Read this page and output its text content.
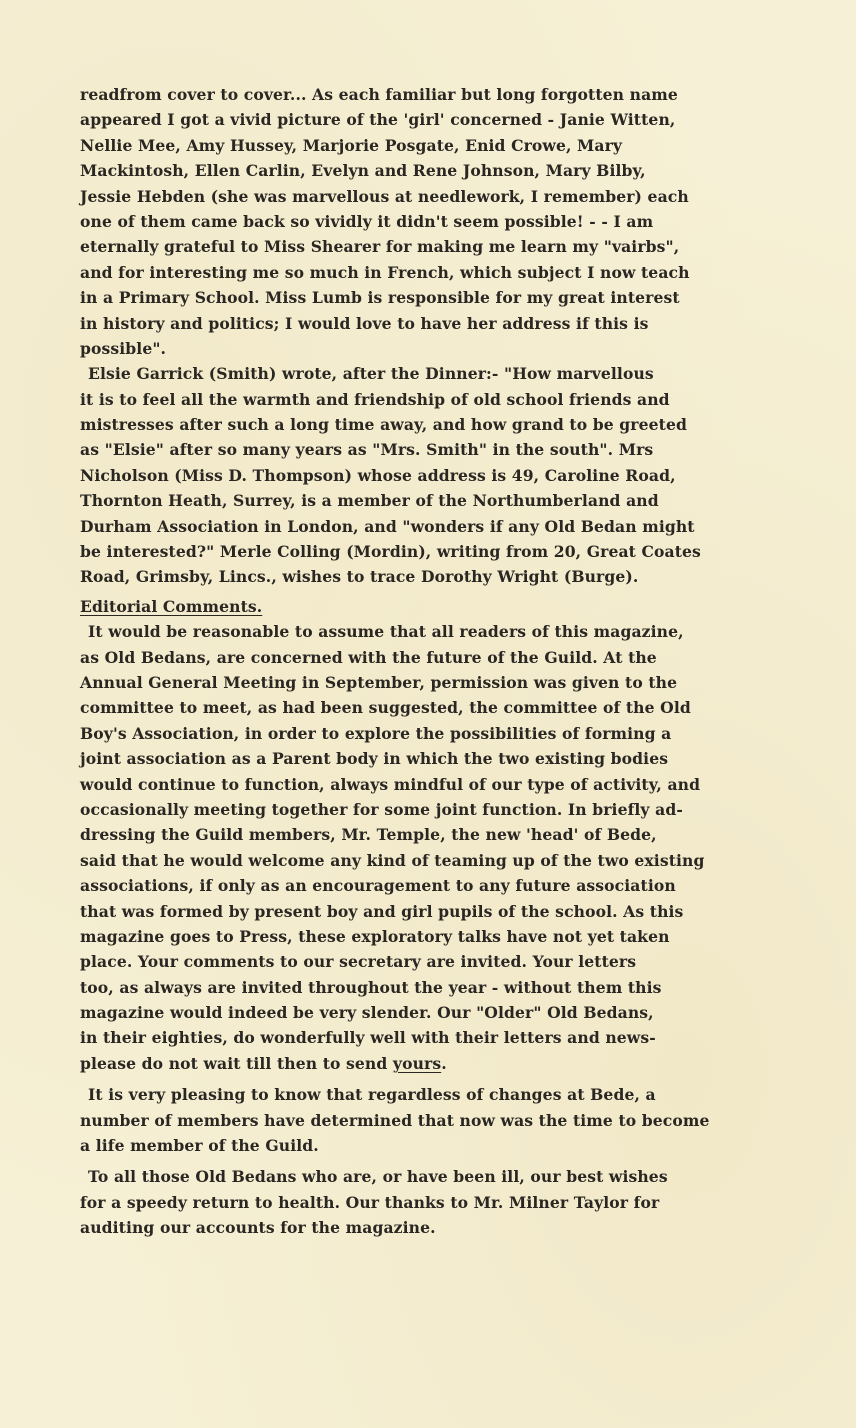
readfrom cover to cover... As each familiar but long forgotten name
appeared I got a vivid picture of the 'girl' concerned - Janie Witten,
Nellie Mee, Amy Hussey, Marjorie Posgate, Enid Crowe, Mary
Mackintosh, Ellen Carlin, Evelyn and Rene Johnson, Mary Bilby,
Jessie Hebden (she was marvellous at needlework, I remember) each
one of them came back so vividly it didn't seem possible! - - I am
eternally grateful to Miss Shearer for making me learn my "vairbs",
and for interesting me so much in French, which subject I now teach
in a Primary School. Miss Lumb is responsible for my great interest
in history and politics; I would love to have her address if this is
possible".
Elsie Garrick (Smith) wrote, after the Dinner:- "How marvellous
it is to feel all the warmth and friendship of old school friends and
mistresses after such a long time away, and how grand to be greeted
as "Elsie" after so many years as "Mrs. Smith" in the south". Mrs
Nicholson (Miss D. Thompson) whose address is 49, Caroline Road,
Thornton Heath, Surrey, is a member of the Northumberland and
Durham Association in London, and "wonders if any Old Bedan might
be interested?" Merle Colling (Mordin), writing from 20, Great Coates
Road, Grimsby, Lincs., wishes to trace Dorothy Wright (Burge).
Editorial Comments.
It would be reasonable to assume that all readers of this magazine,
as Old Bedans, are concerned with the future of the Guild. At the
Annual General Meeting in September, permission was given to the
committee to meet, as had been suggested, the committee of the Old
Boy's Association, in order to explore the possibilities of forming a
joint association as a Parent body in which the two existing bodies
would continue to function, always mindful of our type of activity, and
occasionally meeting together for some joint function. In briefly ad-
dressing the Guild members, Mr. Temple, the new 'head' of Bede,
said that he would welcome any kind of teaming up of the two existing
associations, if only as an encouragement to any future association
that was formed by present boy and girl pupils of the school. As this
magazine goes to Press, these exploratory talks have not yet taken
place. Your comments to our secretary are invited. Your letters
too, as always are invited throughout the year - without them this
magazine would indeed be very slender. Our "Older" Old Bedans,
in their eighties, do wonderfully well with their letters and news-
please do not wait till then to send yours.
It is very pleasing to know that regardless of changes at Bede, a
number of members have determined that now was the time to become
a life member of the Guild.
To all those Old Bedans who are, or have been ill, our best wishes
for a speedy return to health. Our thanks to Mr. Milner Taylor for
auditing our accounts for the magazine.
